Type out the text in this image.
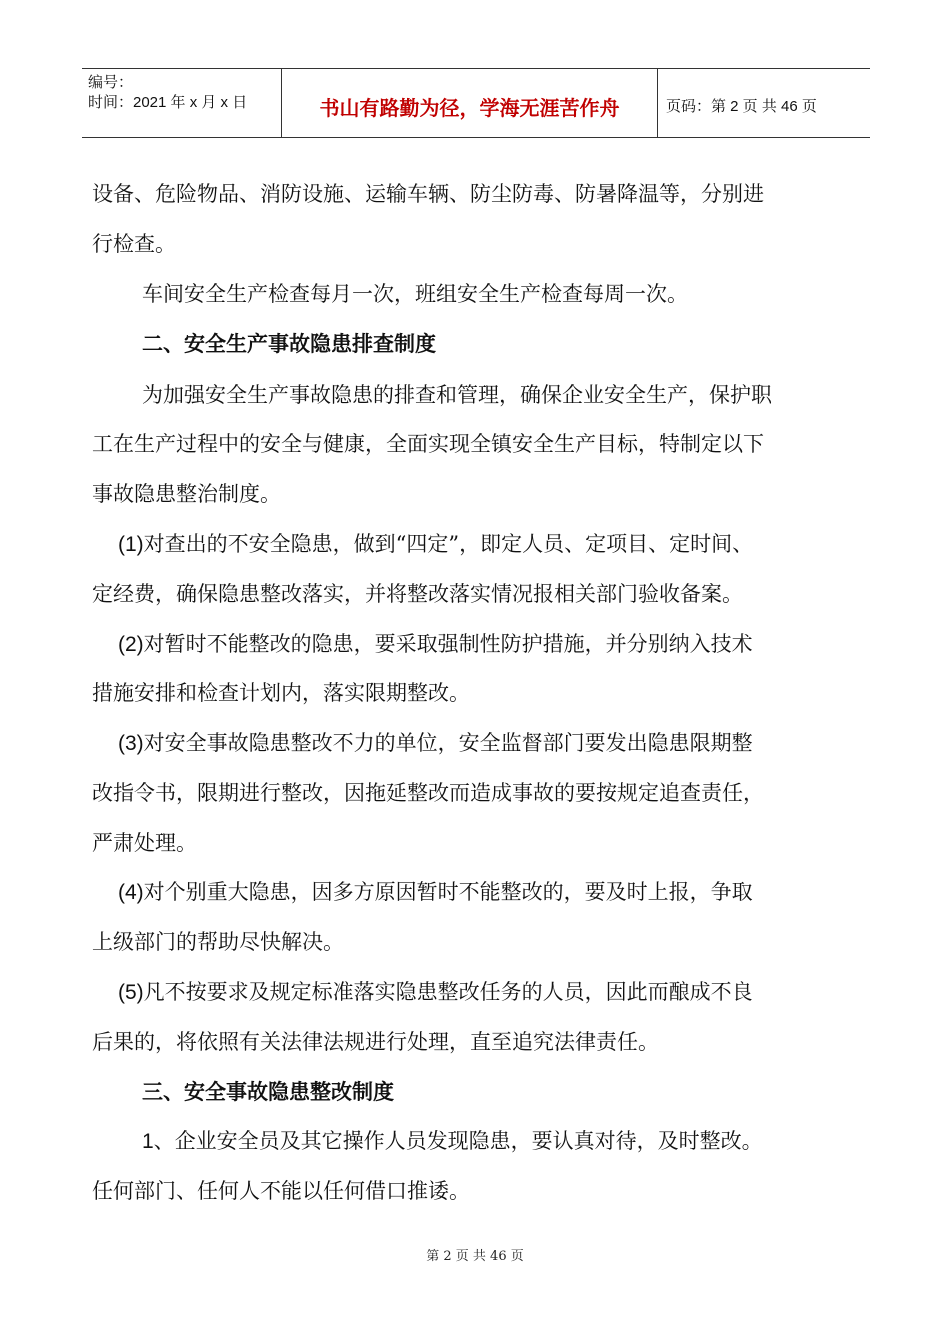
编号：
时间：2021 年 x 月 x 日	书山有路勤为径，学海无涯苦作舟	页码：第 2 页 共 46 页
设备、危险物品、消防设施、运输车辆、防尘防毒、防暑降温等，分别进
行检查。
车间安全生产检查每月一次，班组安全生产检查每周一次。
二、安全生产事故隐患排查制度
为加强安全生产事故隐患的排查和管理，确保企业安全生产，保护职
工在生产过程中的安全与健康，全面实现全镇安全生产目标，特制定以下
事故隐患整治制度。
(1)对查出的不安全隐患，做到“四定”，即定人员、定项目、定时间、
定经费，确保隐患整改落实，并将整改落实情况报相关部门验收备案。
(2)对暂时不能整改的隐患，要采取强制性防护措施，并分别纳入技术
措施安排和检查计划内，落实限期整改。
(3)对安全事故隐患整改不力的单位，安全监督部门要发出隐患限期整
改指令书，限期进行整改，因拖延整改而造成事故的要按规定追查责任，
严肃处理。
(4)对个别重大隐患，因多方原因暂时不能整改的，要及时上报，争取
上级部门的帮助尽快解决。
(5)凡不按要求及规定标准落实隐患整改任务的人员，因此而酿成不良
后果的，将依照有关法律法规进行处理，直至追究法律责任。
三、安全事故隐患整改制度
1、企业安全员及其它操作人员发现隐患，要认真对待，及时整改。
任何部门、任何人不能以任何借口推诿。
第 2 页 共 46 页
